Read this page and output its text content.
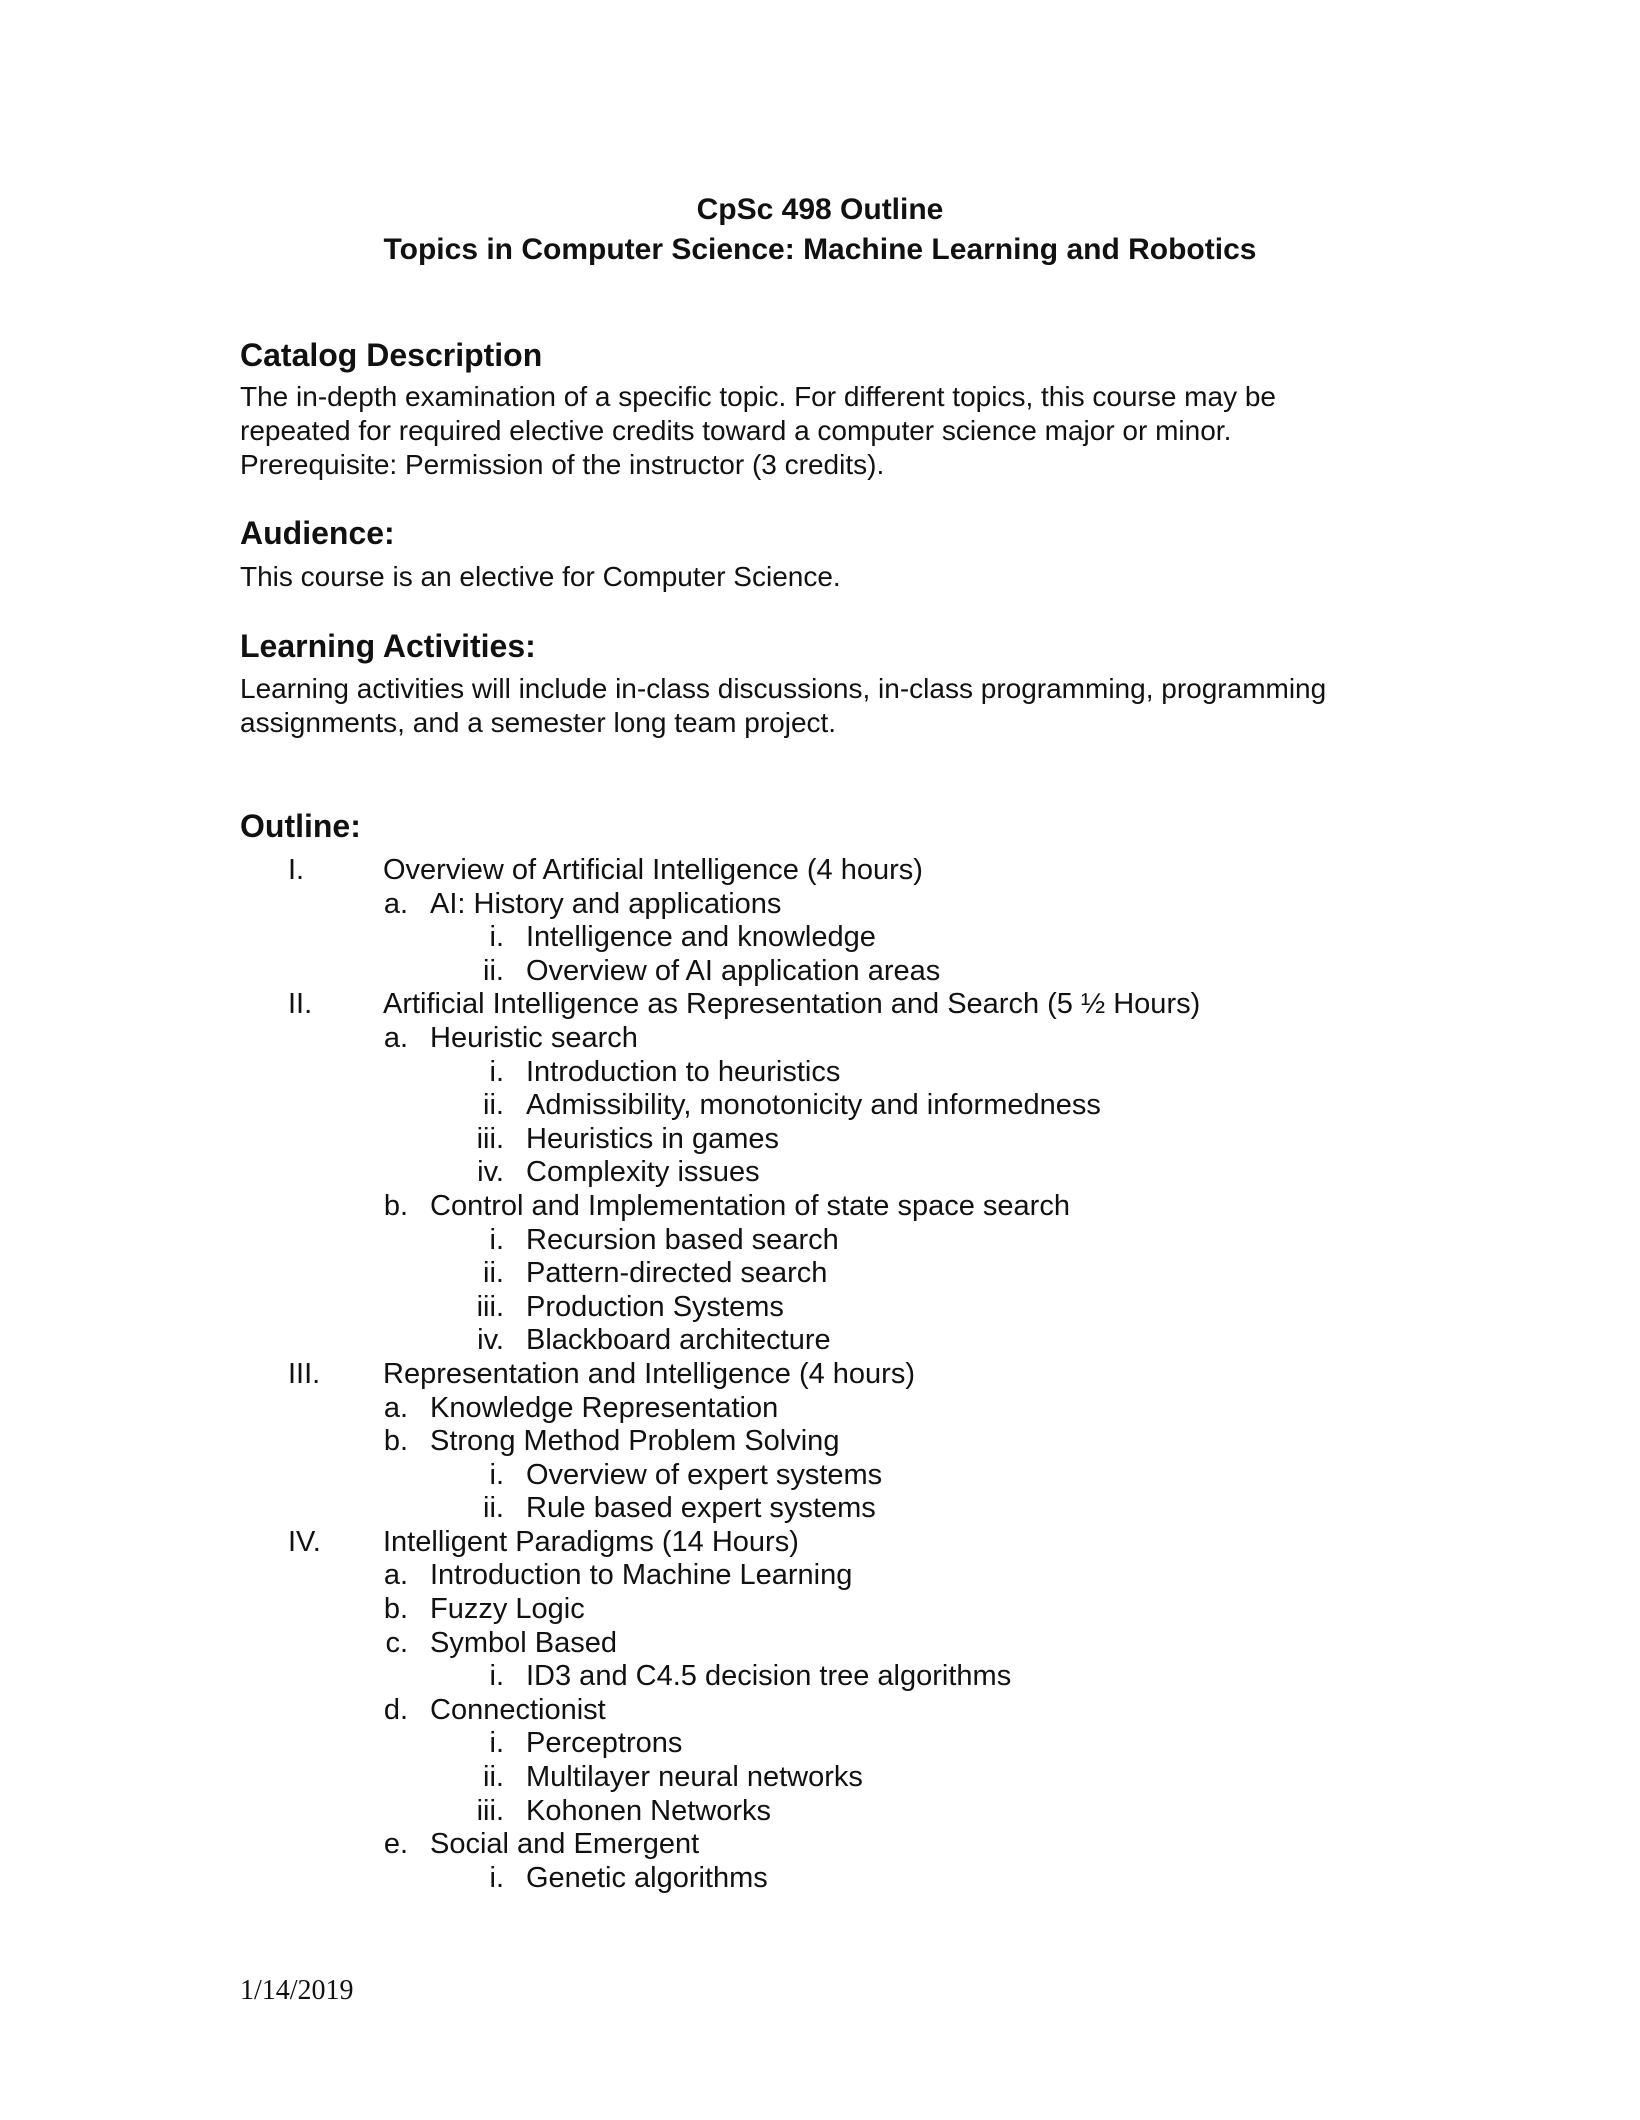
CpSc 498 Outline
Topics in Computer Science: Machine Learning and Robotics
Catalog Description

The in-depth examination of a specific topic. For different topics, this course may be
repeated for required elective credits toward a computer science major or minor.
Prerequisite: Permission of the instructor (3 credits).

Audience:

This course is an elective for Computer Science.

Learning Activities:

Learning activities will include in-class discussions, in-class programming, programming
assignments, and a semester long team project.

Outline:
I.	Overview of Artificial Intelligence (4 hours)
a. AI: History and applications
i. Intelligence and knowledge
ii. Overview of AI application areas
II. Artificial Intelligence as Representation and Search (5 ½ Hours)
a. Heuristic search
i. Introduction to heuristics
ii. Admissibility, monotonicity and informedness
iii. Heuristics in games
iv. Complexity issues
b. Control and Implementation of state space search
i. Recursion based search
ii. Pattern-directed search
iii. Production Systems
iv. Blackboard architecture
III. Representation and Intelligence (4 hours)
a. Knowledge Representation
b. Strong Method Problem Solving
i. Overview of expert systems
ii. Rule based expert systems
IV. Intelligent Paradigms (14 Hours)
a. Introduction to Machine Learning
b. Fuzzy Logic
c. Symbol Based
i. ID3 and C4.5 decision tree algorithms
d. Connectionist
i. Perceptrons
ii. Multilayer neural networks
iii. Kohonen Networks
e. Social and Emergent
i. Genetic algorithms
1/14/2019
